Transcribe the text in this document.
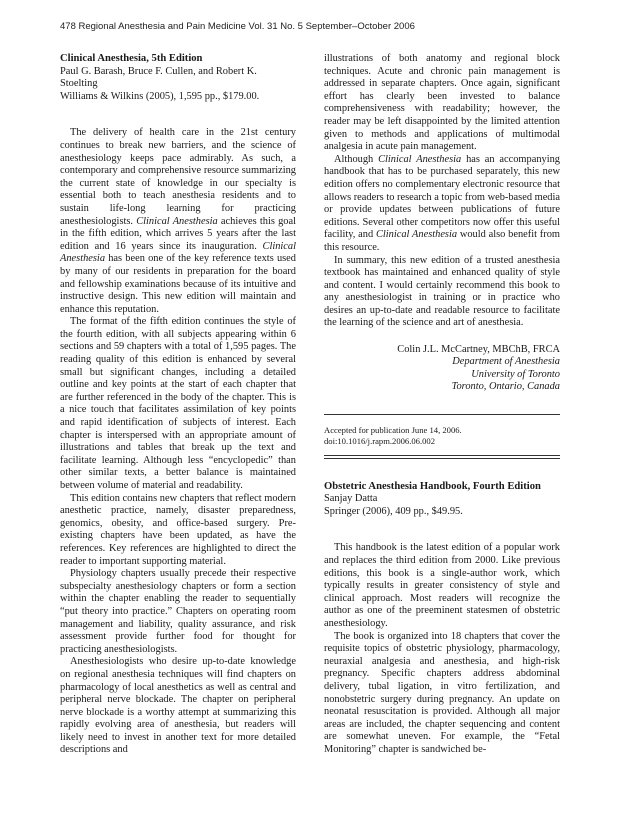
478 Regional Anesthesia and Pain Medicine Vol. 31 No. 5 September–October 2006

Clinical Anesthesia, 5th Edition

Paul G. Barash, Bruce F. Cullen, and Robert K.
Stoelting
Williams & Wilkins (2005), 1,595 pp., $179.00.

The delivery of health care in the 21st century continues to break new barriers, and the science of anesthesiology keeps pace admirably. As such, a contemporary and comprehensive resource summarizing the current state of knowledge in our specialty is essential both to teach anesthesia residents and to sustain life-long learning for practicing anesthesiologists. Clinical Anesthesia achieves this goal in the fifth edition, which arrives 5 years after the last edition and 16 years since its inauguration. Clinical Anesthesia has been one of the key reference texts used by many of our residents in preparation for the board and fellowship examinations because of its intuitive and instructive design. This new edition will maintain and enhance this reputation.

The format of the fifth edition continues the style of the fourth edition, with all subjects appearing within 6 sections and 59 chapters with a total of 1,595 pages. The reading quality of this edition is enhanced by several small but significant changes, including a detailed outline and key points at the start of each chapter that are further referenced in the body of the chapter. This is a nice touch that facilitates assimilation of key points and rapid identification of subjects of interest. Each chapter is interspersed with an appropriate amount of illustrations and tables that break up the text and facilitate learning. Although less “encyclopedic” than other similar texts, a better balance is maintained between volume of material and readability.

This edition contains new chapters that reflect modern anesthetic practice, namely, disaster preparedness, genomics, obesity, and office-based surgery. Pre-existing chapters have been updated, as have the references. Key references are highlighted to direct the reader to important supporting material.

Physiology chapters usually precede their respective subspecialty anesthesiology chapters or form a section within the chapter enabling the reader to sequentially “put theory into practice.” Chapters on operating room management and liability, quality assurance, and risk assessment provide further food for thought for practicing anesthesiologists.

Anesthesiologists who desire up-to-date knowledge on regional anesthesia techniques will find chapters on pharmacology of local anesthetics as well as central and peripheral nerve blockade. The chapter on peripheral nerve blockade is a worthy attempt at summarizing this rapidly evolving area of anesthesia, but readers will likely need to invest in another text for more detailed descriptions and

illustrations of both anatomy and regional block techniques. Acute and chronic pain management is addressed in separate chapters. Once again, significant effort has clearly been invested to balance comprehensiveness with readability; however, the reader may be left disappointed by the limited attention given to methods and applications of multimodal analgesia in acute pain management.

Although Clinical Anesthesia has an accompanying handbook that has to be purchased separately, this new edition offers no complementary electronic resource that allows readers to research a topic from web-based media or provide updates between publications of future editions. Several other competitors now offer this useful facility, and Clinical Anesthesia would also benefit from this resource.

In summary, this new edition of a trusted anesthesia textbook has maintained and enhanced quality of style and content. I would certainly recommend this book to any anesthesiologist in training or in practice who desires an up-to-date and readable resource to facilitate the learning of the science and art of anesthesia.

Colin J.L. McCartney, MBChB, FRCA
Department of Anesthesia
University of Toronto
Toronto, Ontario, Canada
Accepted for publication June 14, 2006.
doi:10.1016/j.rapm.2006.06.002

Obstetric Anesthesia Handbook, Fourth Edition

Sanjay Datta
Springer (2006), 409 pp., $49.95.

This handbook is the latest edition of a popular work and replaces the third edition from 2000. Like previous editions, this book is a single-author work, which typically results in greater consistency of style and clinical approach. Most readers will recognize the author as one of the preeminent statesmen of obstetric anesthesiology.

The book is organized into 18 chapters that cover the requisite topics of obstetric physiology, pharmacology, neuraxial analgesia and anesthesia, and high-risk pregnancy. Specific chapters address abdominal delivery, tubal ligation, in vitro fertilization, and nonobstetric surgery during pregnancy. An update on neonatal resuscitation is provided. Although all major areas are included, the chapter sequencing and content are somewhat uneven. For example, the “Fetal Monitoring” chapter is sandwiched be-
